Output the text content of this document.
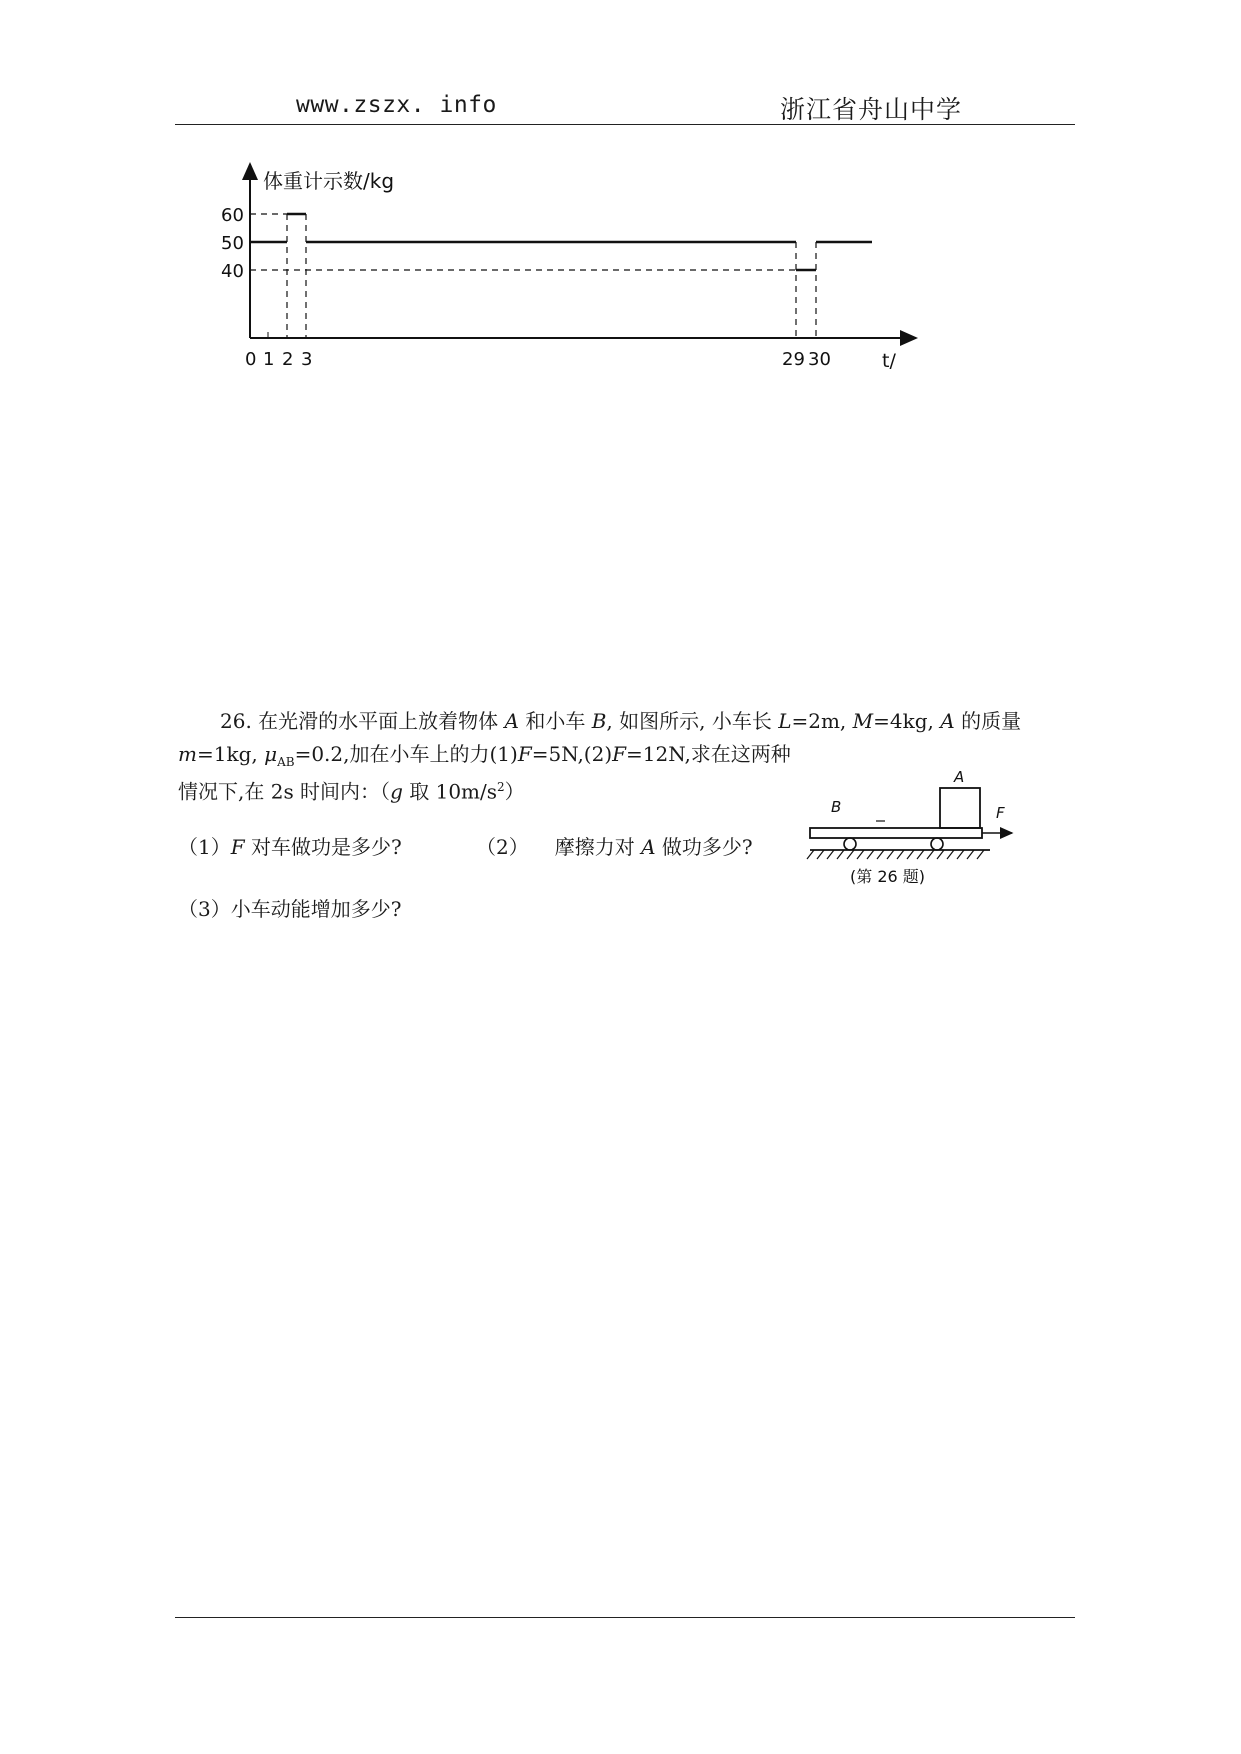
www.zszx. info	浙江省舟山中学
体重计示数/kg
t/
60
50
40
0 1 2 3	29 30
26. 在光滑的水平面上放着物体 A 和小车 B, 如图所示, 小车长 L=2m, M=4kg, A 的质量
m=1kg, $\mu_{AB}=0.2$,加在小车上的力(1)F=5N,(2)F=12N,求在这两种
情况下,在 2s 时间内：（g 取 $10m/s^2$）
（1）F 对车做功是多少?	（2） 摩擦力对 A 做功多少?
（3）小车动能增加多少?
A
B	F
(第 26 题)
